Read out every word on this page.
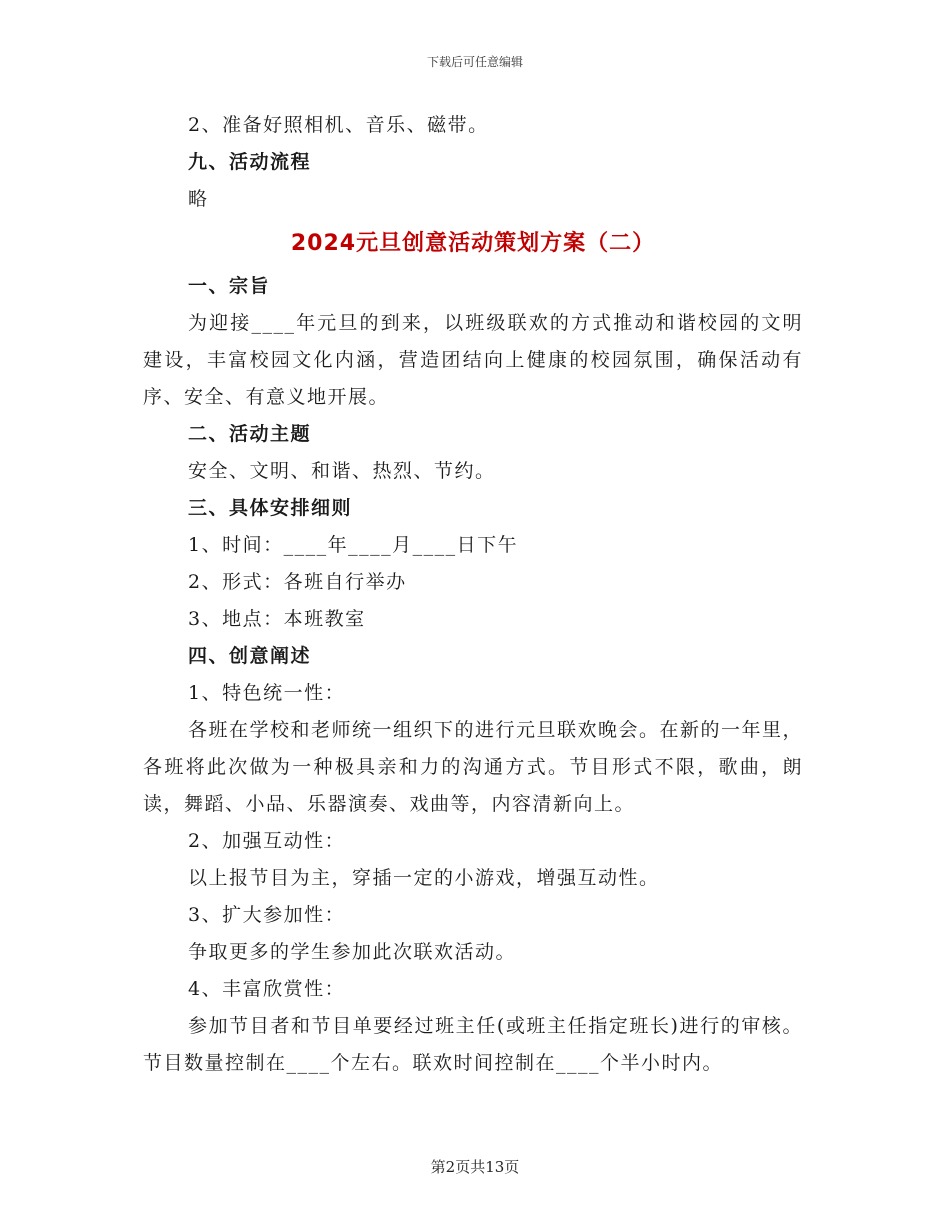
下载后可任意编辑
2、准备好照相机、音乐、磁带。
九、活动流程
略
2024元旦创意活动策划方案（二）
一、宗旨

为迎接____年元旦的到来，以班级联欢的方式推动和谐校园的文明建设，丰富校园文化内涵，营造团结向上健康的校园氛围，确保活动有序、安全、有意义地开展。

二、活动主题
安全、文明、和谐、热烈、节约。
三、具体安排细则
1、时间：____年____月____日下午
2、形式：各班自行举办
3、地点：本班教室
四、创意阐述
1、特色统一性：

各班在学校和老师统一组织下的进行元旦联欢晚会。在新的一年里，各班将此次做为一种极具亲和力的沟通方式。节目形式不限，歌曲，朗读，舞蹈、小品、乐器演奏、戏曲等，内容清新向上。

2、加强互动性：
以上报节目为主，穿插一定的小游戏，增强互动性。
3、扩大参加性：
争取更多的学生参加此次联欢活动。
4、丰富欣赏性：

参加节目者和节目单要经过班主任(或班主任指定班长)进行的审核。节目数量控制在____个左右。联欢时间控制在____个半小时内。

第2页共13页
